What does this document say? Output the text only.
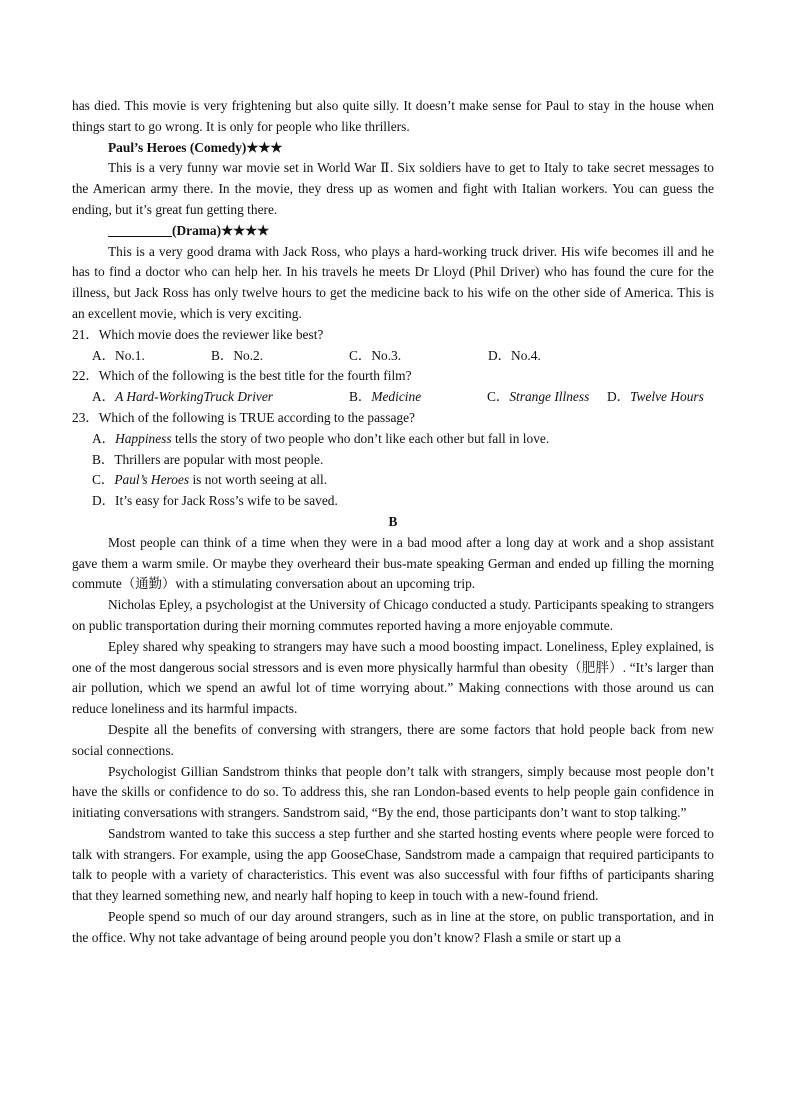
has died. This movie is very frightening but also quite silly. It doesn’t make sense for Paul to stay in the house when things start to go wrong. It is only for people who like thrillers.

Paul’s Heroes (Comedy)★★★

This is a very funny war movie set in World War Ⅱ. Six soldiers have to get to Italy to take secret messages to the American army there. In the movie, they dress up as women and fight with Italian workers. You can guess the ending, but it’s great fun getting there.

(Drama)★★★★

This is a very good drama with Jack Ross, who plays a hard-working truck driver. His wife becomes ill and he has to find a doctor who can help her. In his travels he meets Dr Lloyd (Phil Driver) who has found the cure for the illness, but Jack Ross has only twelve hours to get the medicine back to his wife on the other side of America. This is an excellent movie, which is very exciting.

21．Which movie does the reviewer like best?

A．No.1.	B．No.2.	C．No.3.	D．No.4.

22．Which of the following is the best title for the fourth film?

A．A Hard-WorkingTruck Driver	B．Medicine	C．Strange Illness	D．Twelve Hours

23．Which of the following is TRUE according to the passage?

A．Happiness tells the story of two people who don’t like each other but fall in love.

B．Thrillers are popular with most people.

C．Paul’s Heroes is not worth seeing at all.

D．It’s easy for Jack Ross’s wife to be saved.

B

Most people can think of a time when they were in a bad mood after a long day at work and a shop assistant gave them a warm smile. Or maybe they overheard their bus-mate speaking German and ended up filling the morning commute（通勤）with a stimulating conversation about an upcoming trip.

Nicholas Epley, a psychologist at the University of Chicago conducted a study. Participants speaking to strangers on public transportation during their morning commutes reported having a more enjoyable commute.

Epley shared why speaking to strangers may have such a mood boosting impact. Loneliness, Epley explained, is one of the most dangerous social stressors and is even more physically harmful than obesity（肥胖）. “It’s larger than air pollution, which we spend an awful lot of time worrying about.” Making connections with those around us can reduce loneliness and its harmful impacts.

Despite all the benefits of conversing with strangers, there are some factors that hold people back from new social connections.

Psychologist Gillian Sandstrom thinks that people don’t talk with strangers, simply because most people don’t have the skills or confidence to do so. To address this, she ran London-based events to help people gain confidence in initiating conversations with strangers. Sandstrom said, “By the end, those participants don’t want to stop talking.”

Sandstrom wanted to take this success a step further and she started hosting events where people were forced to talk with strangers. For example, using the app GooseChase, Sandstrom made a campaign that required participants to talk to people with a variety of characteristics. This event was also successful with four fifths of participants sharing that they learned something new, and nearly half hoping to keep in touch with a new-found friend.

People spend so much of our day around strangers, such as in line at the store, on public transportation, and in the office. Why not take advantage of being around people you don’t know? Flash a smile or start up a
